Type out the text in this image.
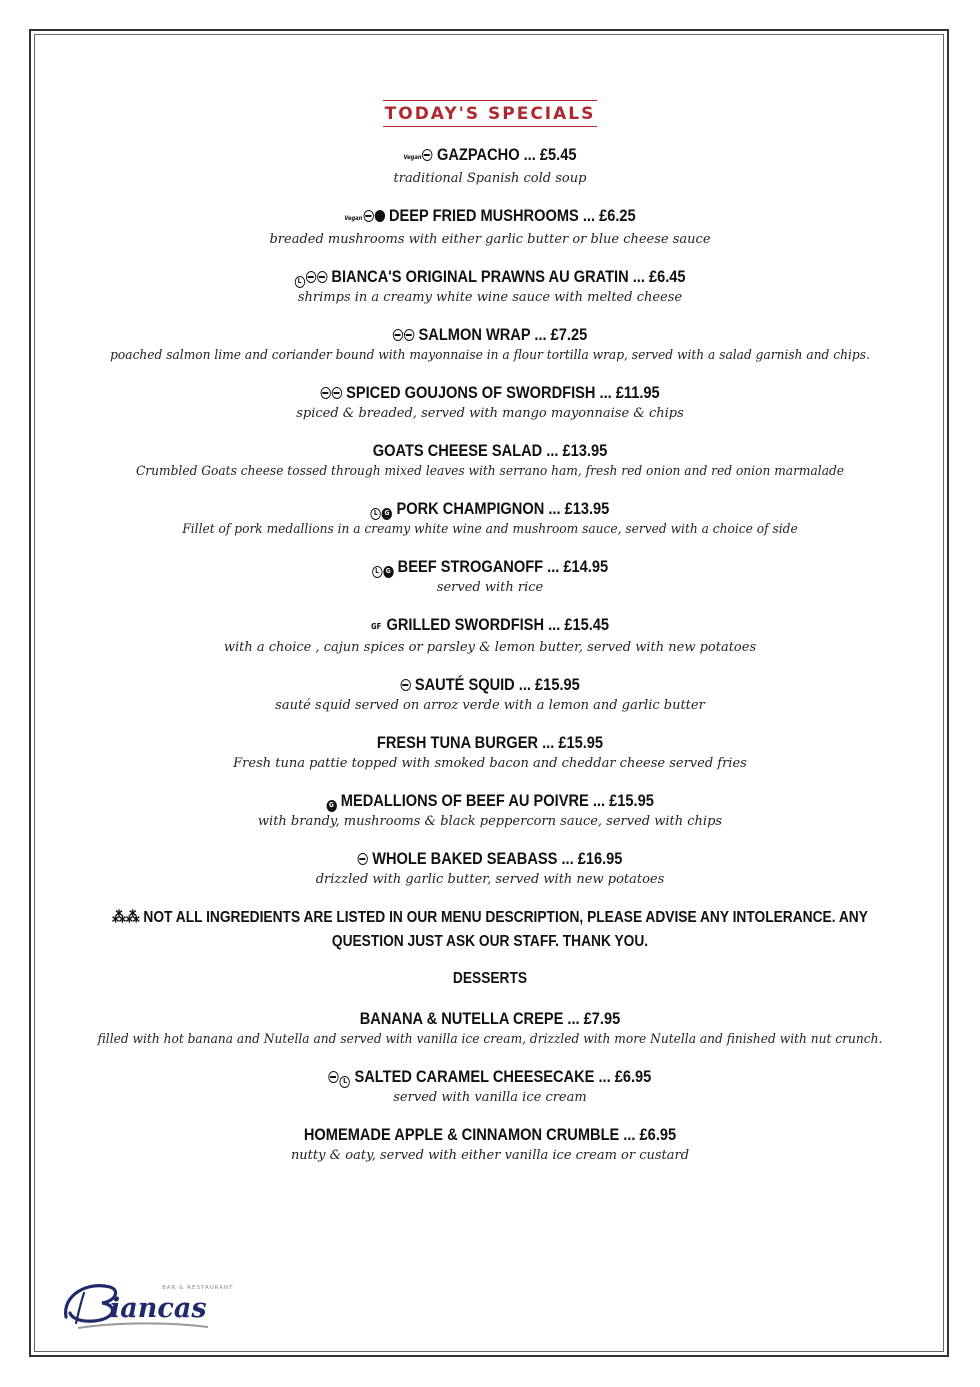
TODAY'S SPECIALS
Vegan GAZPACHO ... £5.45
traditional Spanish cold soup
Vegan DEEP FRIED MUSHROOMS ... £6.25
breaded mushrooms with either garlic butter or blue cheese sauce
L BIANCA'S ORIGINAL PRAWNS AU GRATIN ... £6.45
shrimps in a creamy white wine sauce with melted cheese
SALMON WRAP ... £7.25
poached salmon lime and coriander bound with mayonnaise in a flour tortilla wrap, served with a salad garnish and chips.
SPICED GOUJONS OF SWORDFISH ... £11.95
spiced & breaded, served with mango mayonnaise & chips
GOATS CHEESE SALAD ... £13.95
Crumbled Goats cheese tossed through mixed leaves with serrano ham, fresh red onion and red onion marmalade
L G PORK CHAMPIGNON ... £13.95
Fillet of pork medallions in a creamy white wine and mushroom sauce, served with a choice of side
L G BEEF STROGANOFF ... £14.95
served with rice
GF GRILLED SWORDFISH ... £15.45
with a choice , cajun spices or parsley & lemon butter, served with new potatoes
SAUTÉ SQUID ... £15.95
sauté squid served on arroz verde with a lemon and garlic butter
FRESH TUNA BURGER ... £15.95
Fresh tuna pattie topped with smoked bacon and cheddar cheese served fries
G MEDALLIONS OF BEEF AU POIVRE ... £15.95
with brandy, mushrooms & black peppercorn sauce, served with chips
WHOLE BAKED SEABASS ... £16.95
drizzled with garlic butter, served with new potatoes
⁂⁂ NOT ALL INGREDIENTS ARE LISTED IN OUR MENU DESCRIPTION, PLEASE ADVISE ANY INTOLERANCE. ANY QUESTION JUST ASK OUR STAFF. THANK YOU.
DESSERTS
BANANA & NUTELLA CREPE ... £7.95
filled with hot banana and Nutella and served with vanilla ice cream, drizzled with more Nutella and finished with nut crunch.
L SALTED CARAMEL CHEESECAKE ... £6.95
served with vanilla ice cream
HOMEMADE APPLE & CINNAMON CRUMBLE ... £6.95
nutty & oaty, served with either vanilla ice cream or custard
iancas
BAR & RESTAURANT
